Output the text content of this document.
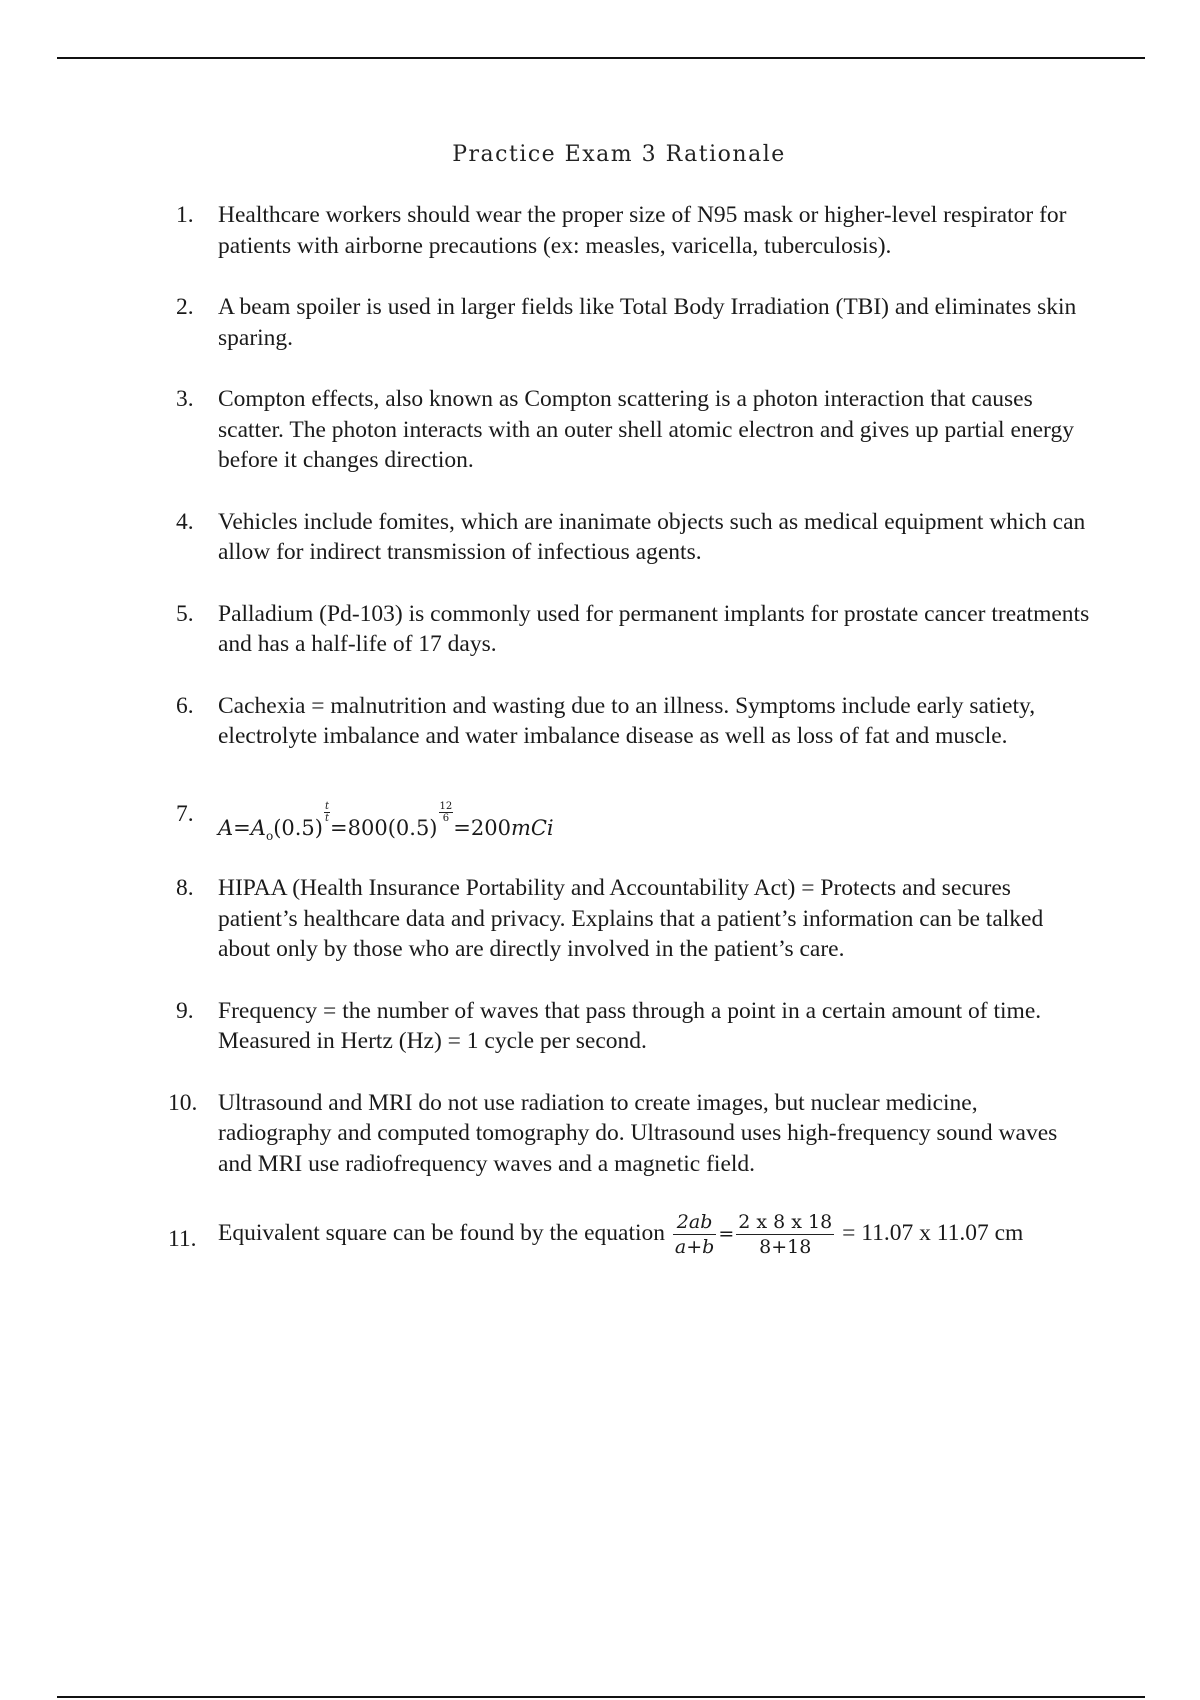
Practice Exam 3 Rationale
1. Healthcare workers should wear the proper size of N95 mask or higher-level respirator for patients with airborne precautions (ex: measles, varicella, tuberculosis).
2. A beam spoiler is used in larger fields like Total Body Irradiation (TBI) and eliminates skin sparing.
3. Compton effects, also known as Compton scattering is a photon interaction that causes scatter. The photon interacts with an outer shell atomic electron and gives up partial energy before it changes direction.
4. Vehicles include fomites, which are inanimate objects such as medical equipment which can allow for indirect transmission of infectious agents.
5. Palladium (Pd-103) is commonly used for permanent implants for prostate cancer treatments and has a half-life of 17 days.
6. Cachexia = malnutrition and wasting due to an illness. Symptoms include early satiety, electrolyte imbalance and water imbalance disease as well as loss of fat and muscle.
7.
$A=A_o(0.5)$
$\frac{t}{t}$
=800(0.5)
$\frac{12}{6}$
=200mCi
8. HIPAA (Health Insurance Portability and Accountability Act) = Protects and secures patient’s healthcare data and privacy. Explains that a patient’s information can be talked about only by those who are directly involved in the patient’s care.
9. Frequency = the number of waves that pass through a point in a certain amount of time. Measured in Hertz (Hz) = 1 cycle per second.
10. Ultrasound and MRI do not use radiation to create images, but nuclear medicine, radiography and computed tomography do. Ultrasound uses high-frequency sound waves and MRI use radiofrequency waves and a magnetic field.
11. Equivalent square can be found by the equation $\frac{2ab}{a+b} = \frac{2 x 8 x 18}{8+18} = 11.07$ x 11.07 cm
